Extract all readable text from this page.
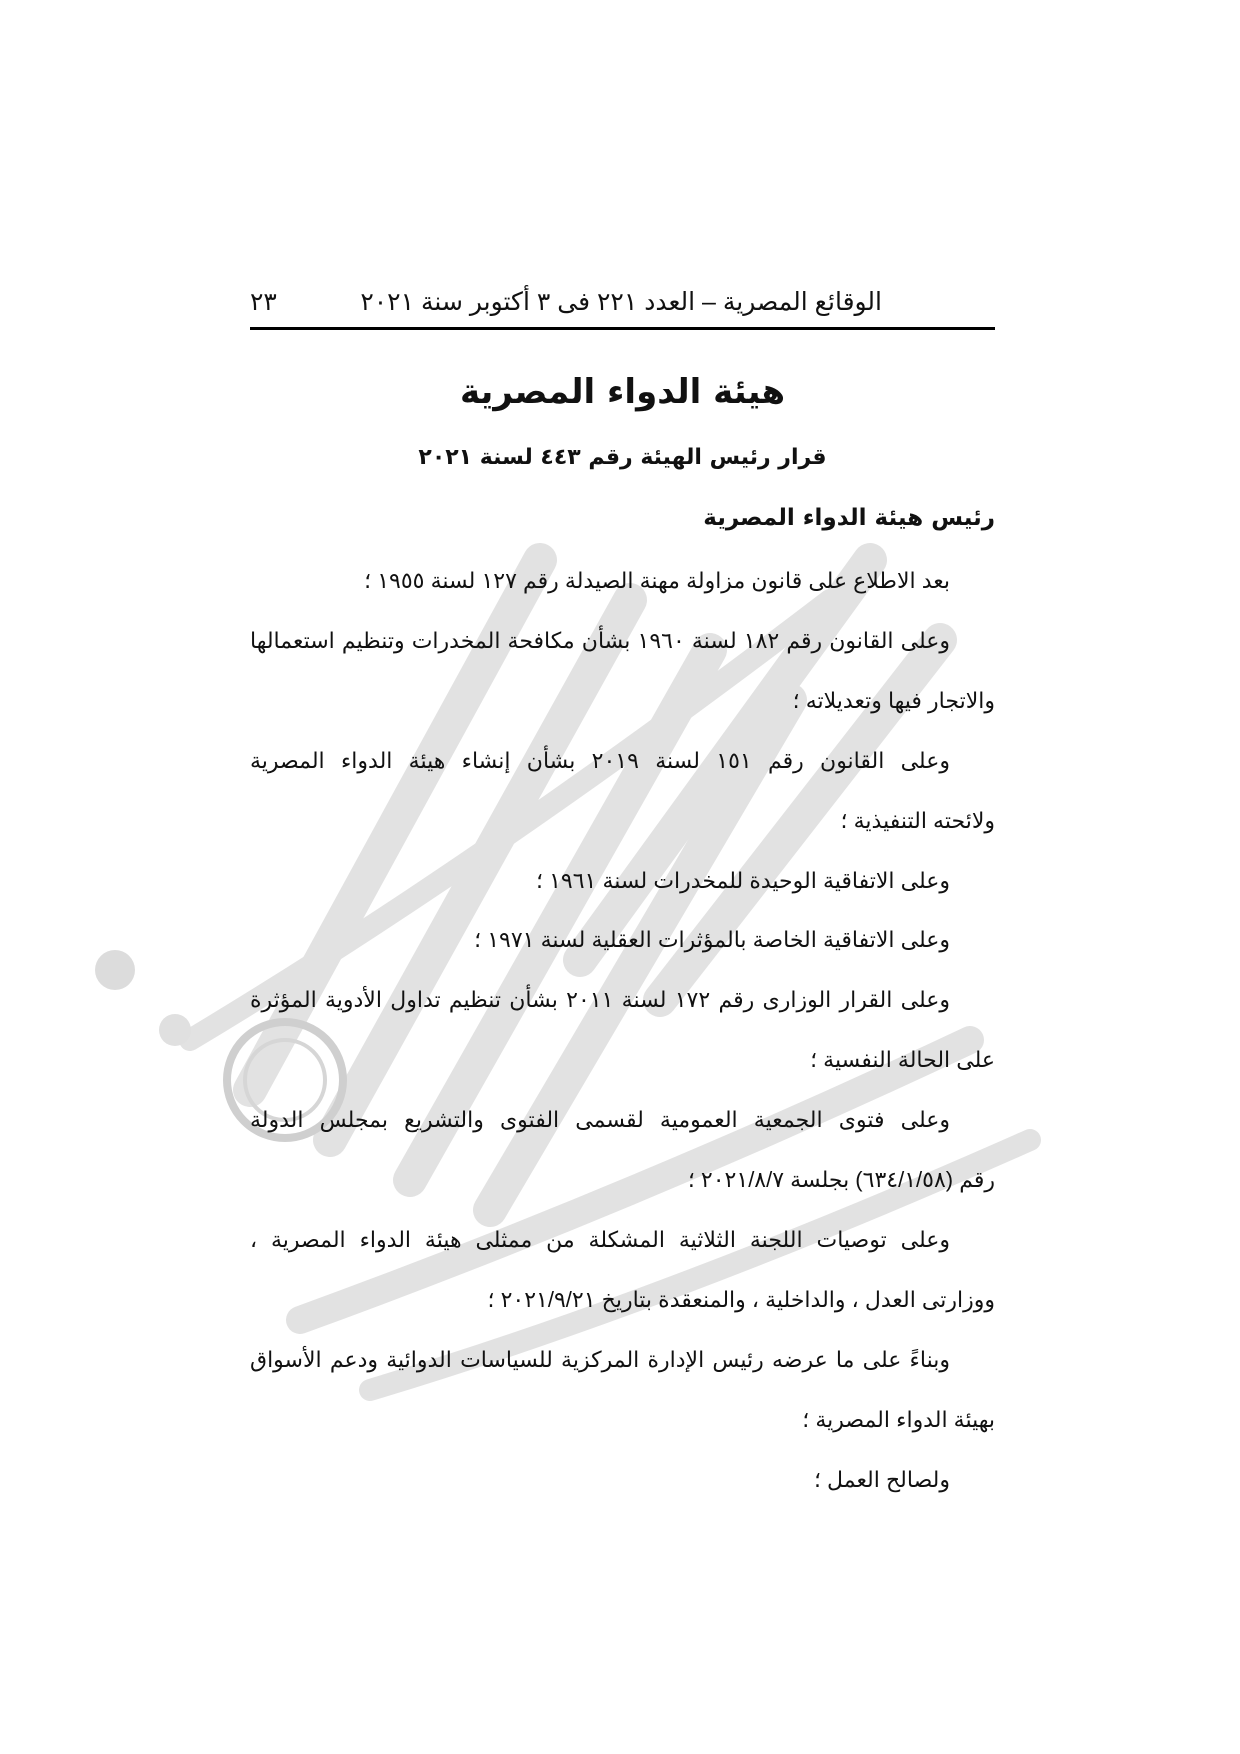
الوقائع المصرية – العدد ٢٢١ فى ٣ أكتوبر سنة ٢٠٢١
٢٣
هيئة الدواء المصرية
قرار رئيس الهيئة رقم ٤٤٣ لسنة ٢٠٢١
رئيس هيئة الدواء المصرية
بعد الاطلاع على قانون مزاولة مهنة الصيدلة رقم ١٢٧ لسنة ١٩٥٥ ؛
وعلى القانون رقم ١٨٢ لسنة ١٩٦٠ بشأن مكافحة المخدرات وتنظيم استعمالها
والاتجار فيها وتعديلاته ؛
وعلى القانون رقم ١٥١ لسنة ٢٠١٩ بشأن إنشاء هيئة الدواء المصرية
ولائحته التنفيذية ؛
وعلى الاتفاقية الوحيدة للمخدرات لسنة ١٩٦١ ؛
وعلى الاتفاقية الخاصة بالمؤثرات العقلية لسنة ١٩٧١ ؛
وعلى القرار الوزارى رقم ١٧٢ لسنة ٢٠١١ بشأن تنظيم تداول الأدوية المؤثرة
على الحالة النفسية ؛
وعلى فتوى الجمعية العمومية لقسمى الفتوى والتشريع بمجلس الدولة
رقم (٦٣٤/١/٥٨) بجلسة ٢٠٢١/٨/٧ ؛
وعلى توصيات اللجنة الثلاثية المشكلة من ممثلى هيئة الدواء المصرية ،
ووزارتى العدل ، والداخلية ، والمنعقدة بتاريخ ٢٠٢١/٩/٢١ ؛
وبناءً على ما عرضه رئيس الإدارة المركزية للسياسات الدوائية ودعم الأسواق
بهيئة الدواء المصرية ؛
ولصالح العمل ؛
